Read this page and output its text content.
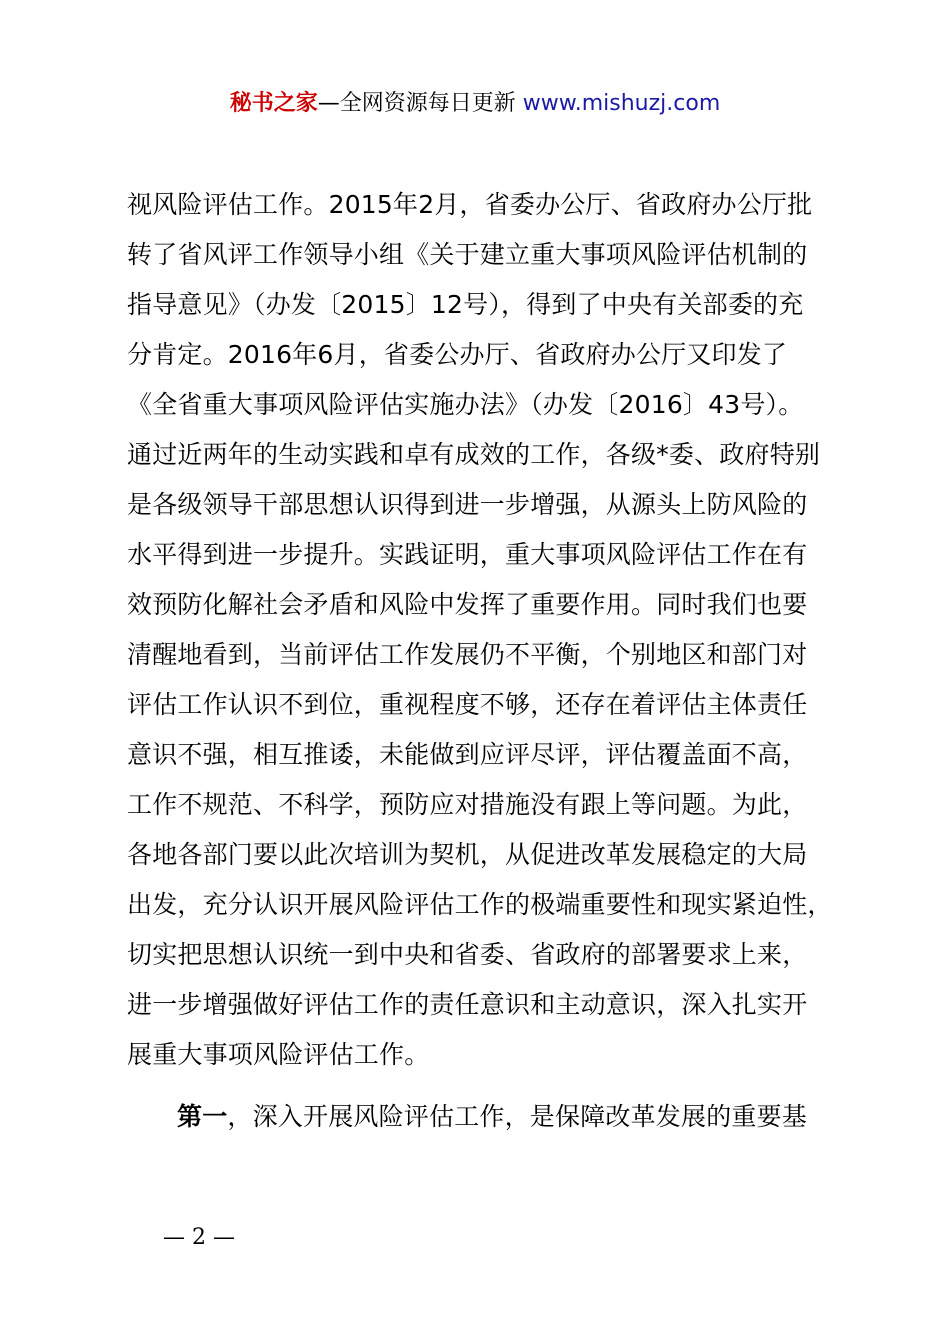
秘书之家—全网资源每日更新 www.mishuzj.com
视风险评估工作。2015年2月，省委办公厅、省政府办公厅批
转了省风评工作领导小组《关于建立重大事项风险评估机制的
指导意见》（办发〔2015〕12号），得到了中央有关部委的充
分肯定。2016年6月，省委公办厅、省政府办公厅又印发了
《全省重大事项风险评估实施办法》（办发〔2016〕43号）。
通过近两年的生动实践和卓有成效的工作，各级*委、政府特别
是各级领导干部思想认识得到进一步增强，从源头上防风险的
水平得到进一步提升。实践证明，重大事项风险评估工作在有
效预防化解社会矛盾和风险中发挥了重要作用。同时我们也要
清醒地看到，当前评估工作发展仍不平衡，个别地区和部门对
评估工作认识不到位，重视程度不够，还存在着评估主体责任
意识不强，相互推诿，未能做到应评尽评，评估覆盖面不高，
工作不规范、不科学，预防应对措施没有跟上等问题。为此，
各地各部门要以此次培训为契机，从促进改革发展稳定的大局
出发，充分认识开展风险评估工作的极端重要性和现实紧迫性，
切实把思想认识统一到中央和省委、省政府的部署要求上来，
进一步增强做好评估工作的责任意识和主动意识，深入扎实开
展重大事项风险评估工作。
第一，深入开展风险评估工作，是保障改革发展的重要基
— 2 —
